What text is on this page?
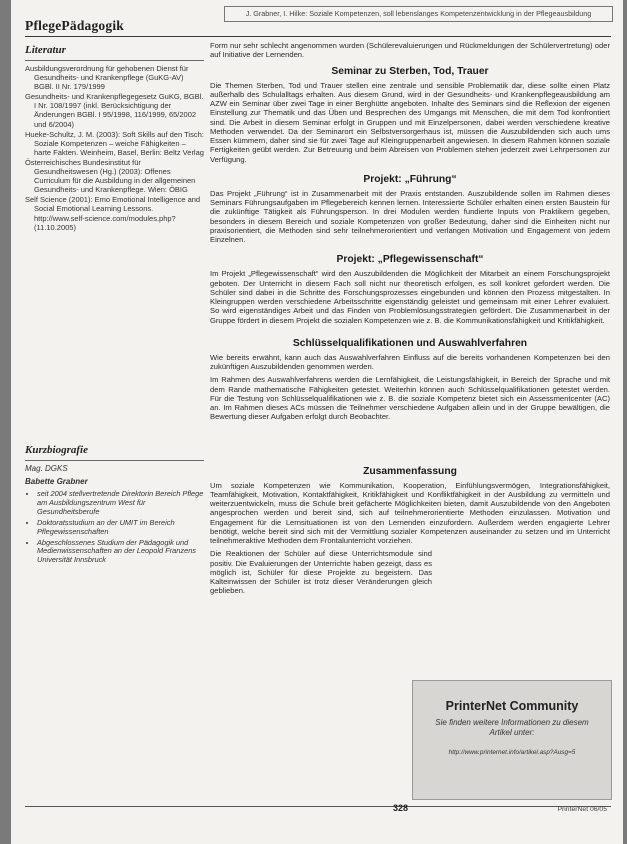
PflegePädagogik
J. Grabner, I. Hilke: Soziale Kompetenzen, soll lebenslanges Kompetenzentwicklung in der Pflegeausbildung
Literatur

Ausbildungsverordnung für gehobenen Dienst für Gesundheits- und Krankenpflege (GuKG-AV) BGBl. II Nr. 179/1999

Gesundheits- und Krankenpflegegesetz GuKG, BGBl. I Nr. 108/1997 (inkl. Berücksichtigung der Änderungen BGBl. I 95/1998, 116/1999, 65/2002 und 6/2004)

Hueke-Schultz, J. M. (2003): Soft Skills auf den Tisch: Soziale Kompetenzen – weiche Fähigkeiten – harte Fakten. Weinheim, Basel, Berlin: Beltz Verlag

Österreichisches Bundesinstitut für Gesundheitswesen (Hg.) (2003): Offenes Curriculum für die Ausbildung in der allgemeinen Gesundheits- und Krankenpflege. Wien: ÖBIG

Self Science (2001): Emo Emotional Intelligence and Social Emotional Learning Lessons. http://www.self-science.com/modules.php? (11.10.2005)

Kurzbiografie
Mag. DGKS
Babette Grabner
• seit 2004 stellvertretende Direktorin Bereich Pflege am Ausbildungszentrum West für Gesundheitsberufe
• Doktoratsstudium an der UMIT im Bereich Pflegewissenschaften
• Abgeschlossenes Studium der Pädagogik und Medienwissenschaften an der Leopold Franzens Universität Innsbruck

Form nur sehr schlecht angenommen wurden (Schülerevaluierungen und Rückmeldungen der Schülervertretung) oder auf Initiative der Lernenden.

Seminar zu Sterben, Tod, Trauer

Die Themen Sterben, Tod und Trauer stellen eine zentrale und sensible Problematik dar, diese sollte einen Platz außerhalb des Schulalltags erhalten. Aus diesem Grund, wird in der Gesundheits- und Krankenpflegeausbildung am AZW ein Seminar über zwei Tage in einer Berghütte angeboten. Inhalte des Seminars sind die Reflexion der eigenen Einstellung zur Thematik und das Üben und Besprechen des Umgangs mit Menschen, die mit dem Tod konfrontiert sind. Die Arbeit in diesem Seminar erfolgt in Gruppen und mit Einzelpersonen, dabei werden verschiedene kreative Methoden verwendet. Da der Seminarort ein Selbstversorgerhaus ist, müssen die Auszubildenden sich auch ums Essen kümmern, daher sind sie für zwei Tage auf Kleingruppenarbeit angewiesen. In diesem Rahmen können soziale Fertigkeiten geübt werden. Zur Betreuung und beim Abreisen von Problemen stehen jederzeit zwei Lehrpersonen zur Verfügung.

Projekt: „Führung“

Das Projekt „Führung“ ist in Zusammenarbeit mit der Praxis entstanden. Auszubildende sollen im Rahmen dieses Seminars Führungsaufgaben im Pflegebereich kennen lernen. Interessierte Schüler erhalten einen ersten Baustein für die zukünftige Tätigkeit als Führungsperson. In drei Modulen werden fundierte Inputs von Praktikern gegeben, besonders in diesem Bereich und soziale Kompetenzen von großer Bedeutung, daher sind die Einheiten nicht nur praxisorientiert, die Methoden sind sehr teilnehmerorientiert und verlangen Motivation und Engagement von jedem Einzelnen.

Projekt: „Pflegewissenschaft“

Im Projekt „Pflegewissenschaft“ wird den Auszubildenden die Möglichkeit der Mitarbeit an einem Forschungsprojekt geboten. Der Unterricht in diesem Fach soll nicht nur theoretisch erfolgen, es soll konkret gefordert werden. Die Schüler sind dabei in die Schritte des Forschungsprozesses eingebunden und können den Prozess mitgestalten. In Kleingruppen werden verschiedene Arbeitsschritte eigenständig geleistet und gemeinsam mit einer Lehrer evaluiert. So wird eigenständiges Arbeit und das Finden von Problemlösungsstrategien gefördert. Die Zusammenarbeit in der Gruppe fördert in diesem Projekt die sozialen Kompetenzen wie z. B. die Kommunikationsfähigkeit und Kritikfähigkeit.

Schlüsselqualifikationen und Auswahlverfahren

Wie bereits erwähnt, kann auch das Auswahlverfahren Einfluss auf die bereits vorhandenen Kompetenzen bei den zukünftigen Auszubildenden genommen werden.

Im Rahmen des Auswahlverfahrens werden die Lernfähigkeit, die Leistungsfähigkeit, in Bereich der Sprache und mit dem Rande mathematische Fähigkeiten getestet. Weiterhin können auch Schlüsselqualifikationen getestet werden. Für die Testung von Schlüsselqualifikationen wie z. B. die soziale Kompetenz bietet sich ein Assessmentcenter (AC) an. Im Rahmen dieses ACs müssen die Teilnehmer verschiedene Aufgaben allein und in der Gruppe bewältigen, die Bewertung dieser Aufgaben erfolgt durch Beobachter.

Zusammenfassung

Um soziale Kompetenzen wie Kommunikation, Kooperation, Einfühlungsvermögen, Integrationsfähigkeit, Teamfähigkeit, Motivation, Kontaktfähigkeit, Kritikfähigkeit und Konfliktfähigkeit in der Ausbildung zu vermitteln und weiterzuentwickeln, muss die Schule breit gefächerte Möglichkeiten bieten, damit Auszubildende von den Angeboten angesprochen werden und bereit sind, sich auf teilnehmerorientierte Methoden einzulassen. Motivation und Engagement für die Lernsituationen ist von den Lernenden einzufordern. Außerdem werden engagierte Lehrer benötigt, welche bereit sind sich mit der Vermittlung sozialer Kompetenzen auseinander zu setzen und im Unterricht teilnehmeraktive Methoden dem Frontalunterricht vorziehen.

Die Reaktionen der Schüler auf diese Unterrichtsmodule sind positiv. Die Evaluierungen der Unterrichte haben gezeigt, dass es möglich ist, Schüler für diese Projekte zu begeistern. Das Kalteinwissen der Schüler ist trotz dieser Veränderungen gleich geblieben.

PrinterNet Community
Sie finden weitere Informationen zu diesem Artikel unter:
http://www.printernet.info/artikel.asp?Ausg=5
328	PrinterNet 06/05
